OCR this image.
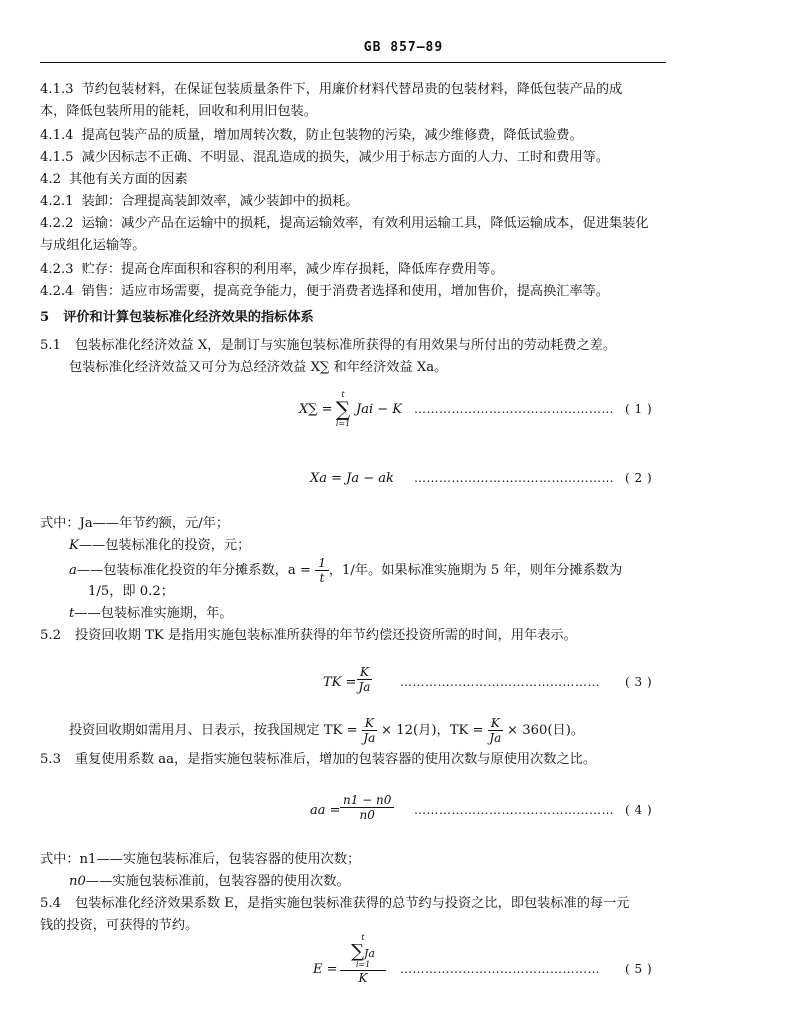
GB 857—89
4.1.3 节约包装材料，在保证包装质量条件下，用廉价材料代替昂贵的包装材料，降低包装产品的成
本，降低包装所用的能耗，回收和利用旧包装。
4.1.4 提高包装产品的质量，增加周转次数，防止包装物的污染，减少维修费，降低试验费。
4.1.5 减少因标志不正确、不明显、混乱造成的损失，减少用于标志方面的人力、工时和费用等。
4.2 其他有关方面的因素
4.2.1 装卸：合理提高装卸效率，减少装卸中的损耗。
4.2.2 运输：减少产品在运输中的损耗，提高运输效率，有效利用运输工具，降低运输成本，促进集装化
与成组化运输等。
4.2.3 贮存：提高仓库面积和容积的利用率，减少库存损耗，降低库存费用等。
4.2.4 销售：适应市场需要，提高竞争能力，便于消费者选择和使用，增加售价，提高换汇率等。
5 评价和计算包装标准化经济效果的指标体系
5.1 包装标准化经济效益 X，是制订与实施包装标准所获得的有用效果与所付出的劳动耗费之差。
包装标准化经济效益又可分为总经济效益 X∑ 和年经济效益 Xa。
X∑ =
t
∑
i=1
Jai − K ………………………………………… ( 1 )
Xa = Ja − ak ………………………………………… ( 2 )
式中：Ja——年节约额，元/年；
K——包装标准化的投资，元；
a——包装标准化投资的年分摊系数，$a = \frac{1}{t}$ ，1/年。如果标准实施期为 5 年，则年分摊系数为
1/5，即 0.2；
t——包装标准实施期，年。
5.2 投资回收期 TK 是指用实施包装标准所获得的年节约偿还投资所需的时间，用年表示。
TK = $\frac{K}{Ja}$ ………………………………………… ( 3 )
投资回收期如需用月、日表示，按我国规定 TK = $\frac{K}{Ja} \times 12$(月)，TK = $\frac{K}{Ja} \times 360$(日)。
5.3 重复使用系数 aa，是指实施包装标准后，增加的包装容器的使用次数与原使用次数之比。
aa = $\frac{n1 - n0}{n0}$ ………………………………………… ( 4 )
式中：n1——实施包装标准后，包装容器的使用次数；
n0——实施包装标准前，包装容器的使用次数。
5.4 包装标准化经济效果系数 E，是指实施包装标准获得的总节约与投资之比，即包装标准的每一元
钱的投资，可获得的节约。
E =
t
∑Ja
i=1
K
………………………………………… ( 5 )
